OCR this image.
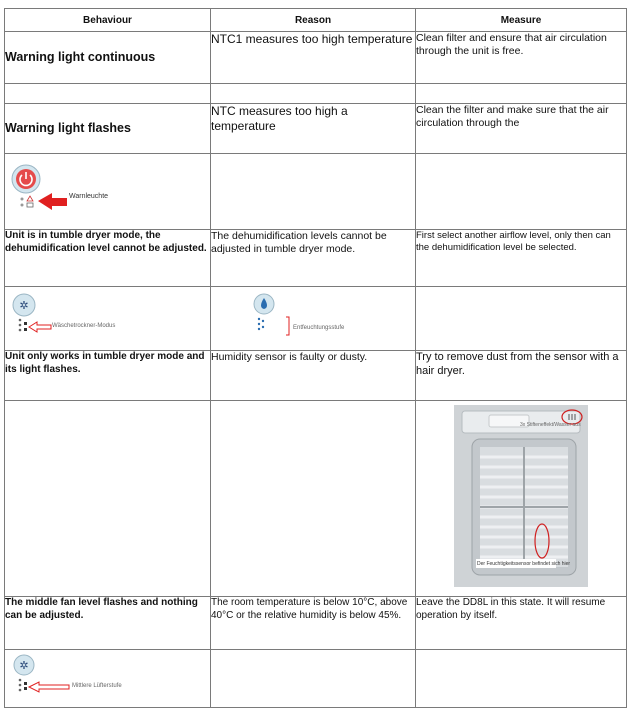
Behaviour	Reason	Measure
Warning light continuous	NTC1 measures too high temperature	Clean filter and ensure that air circulation through the unit is free.

Warning light flashes	NTC measures too high a temperature	Clean the filter and make sure that the air circulation through the

Warnleuchte		

Unit is in tumble dryer mode, the dehumidification level cannot be adjusted.	The dehumidification levels cannot be adjusted in tumble dryer mode.	First select another airflow level, only then can the dehumidification level be selected.

✲
Wäschetrockner-Modus	Entfeuchtungsstufe	

Unit only works in tumble dryer mode and its light flashes.	Humidity sensor is faulty or dusty.	Try to remove dust from the sensor with a hair dryer.

		3x Stifteneffekt/Wasser aus
Der Feuchtigkeitssensor befindet sich hier

The middle fan level flashes and nothing can be adjusted.	The room temperature is below 10°C, above 40°C or the relative humidity is below 45%.	Leave the DD8L in this state. It will resume operation by itself.

✲
Mittlere Lüfterstufe		
